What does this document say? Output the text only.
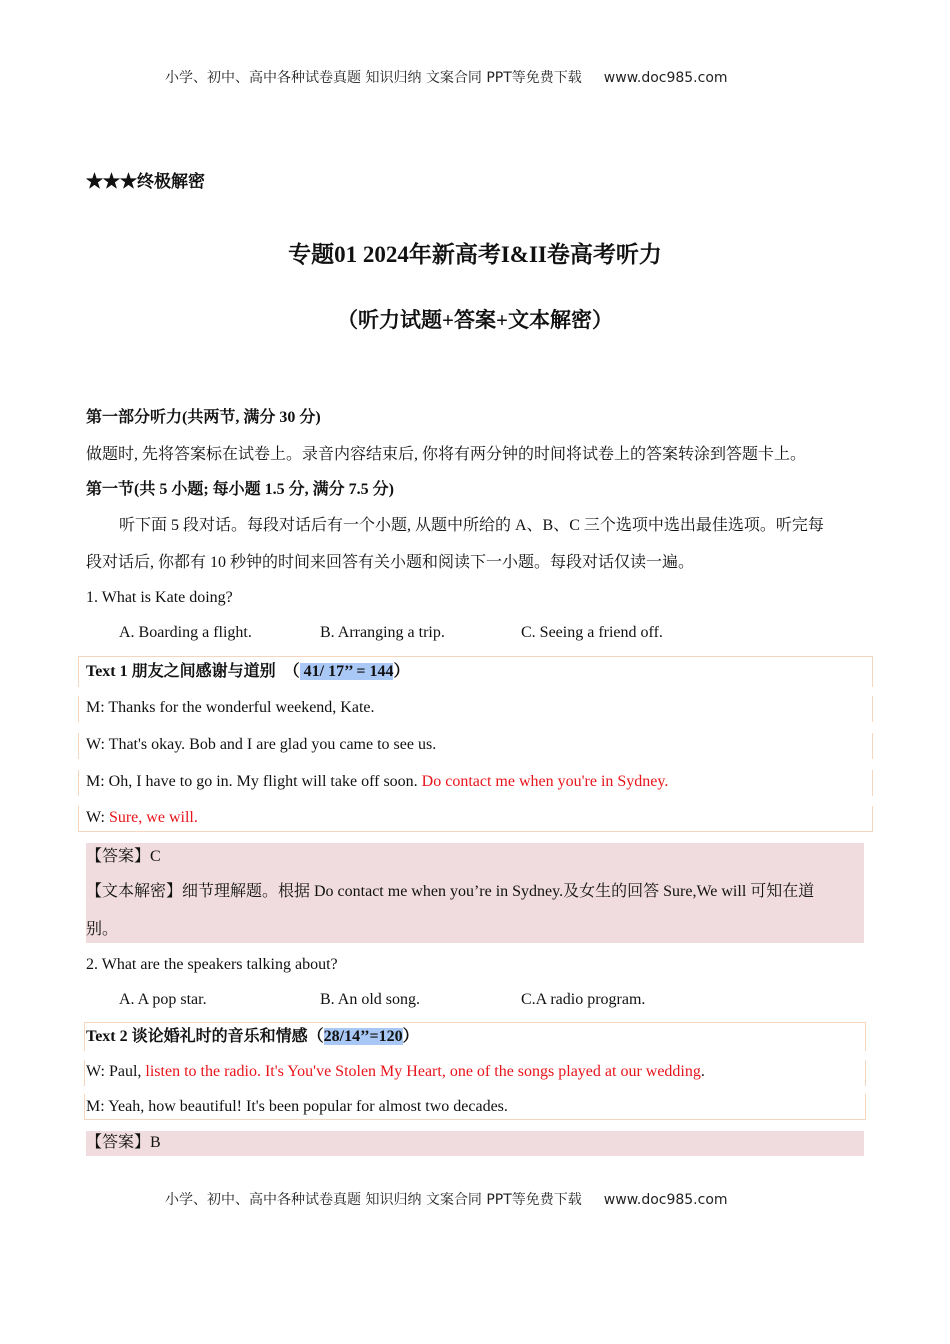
小学、初中、高中各种试卷真题 知识归纳 文案合同 PPT等免费下载 www.doc985.com
★★★终极解密
专题01 2024年新高考I&II卷高考听力
（听力试题+答案+文本解密）
第一部分听力(共两节, 满分 30 分)
做题时, 先将答案标在试卷上。录音内容结束后, 你将有两分钟的时间将试卷上的答案转涂到答题卡上。
第一节(共 5 小题; 每小题 1.5 分, 满分 7.5 分)
听下面 5 段对话。每段对话后有一个小题, 从题中所给的 A、B、C 三个选项中选出最佳选项。听完每
段对话后, 你都有 10 秒钟的时间来回答有关小题和阅读下一小题。每段对话仅读一遍。
1. What is Kate doing?
A. Boarding a flight.	B. Arranging a trip.	C. Seeing a friend off.
Text 1 朋友之间感谢与道别　（ 41/ 17’’ = 144）
M: Thanks for the wonderful weekend, Kate.
W: That's okay. Bob and I are glad you came to see us.
M: Oh, I have to go in. My flight will take off soon. Do contact me when you're in Sydney.
W: Sure, we will.
【答案】C
【文本解密】细节理解题。根据 Do contact me when you’re in Sydney.及女生的回答 Sure,We will 可知在道
别。
2. What are the speakers talking about?
A. A pop star.	B. An old song.	C.A radio program.
Text 2 谈论婚礼时的音乐和情感（28/14’’=120）
W: Paul, listen to the radio. It's You've Stolen My Heart, one of the songs played at our wedding.
M: Yeah, how beautiful! It's been popular for almost two decades.
【答案】B
小学、初中、高中各种试卷真题 知识归纳 文案合同 PPT等免费下载 www.doc985.com
